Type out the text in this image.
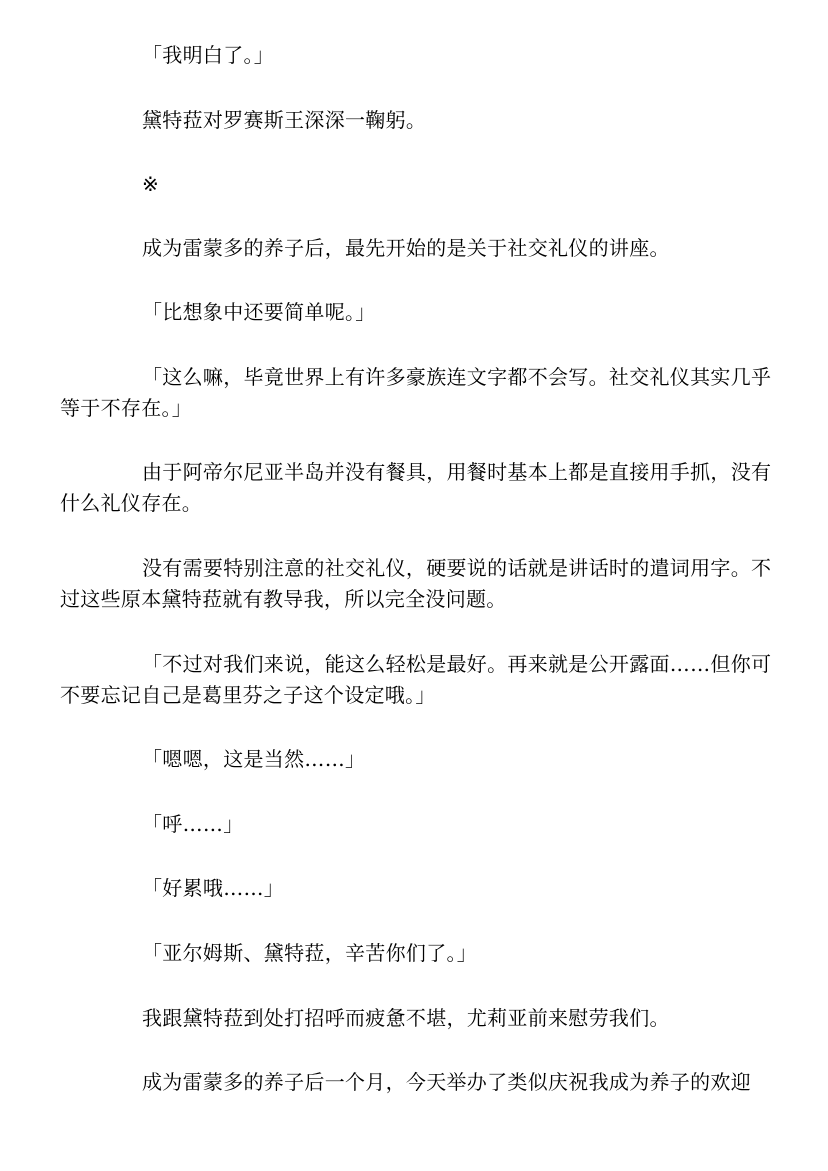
「我明白了。」

黛特菈对罗赛斯王深深一鞠躬。

※

成为雷蒙多的养子后，最先开始的是关于社交礼仪的讲座。

「比想象中还要简单呢。」

「这么嘛，毕竟世界上有许多豪族连文字都不会写。社交礼仪其实几乎等于不存在。」

由于阿帝尔尼亚半岛并没有餐具，用餐时基本上都是直接用手抓，没有什么礼仪存在。

没有需要特别注意的社交礼仪，硬要说的话就是讲话时的遣词用字。不过这些原本黛特菈就有教导我，所以完全没问题。

「不过对我们来说，能这么轻松是最好。再来就是公开露面……但你可不要忘记自己是葛里芬之子这个设定哦。」

「嗯嗯，这是当然……」

「呼……」

「好累哦……」

「亚尔姆斯、黛特菈，辛苦你们了。」

我跟黛特菈到处打招呼而疲惫不堪，尤莉亚前来慰劳我们。

成为雷蒙多的养子后一个月，今天举办了类似庆祝我成为养子的欢迎
